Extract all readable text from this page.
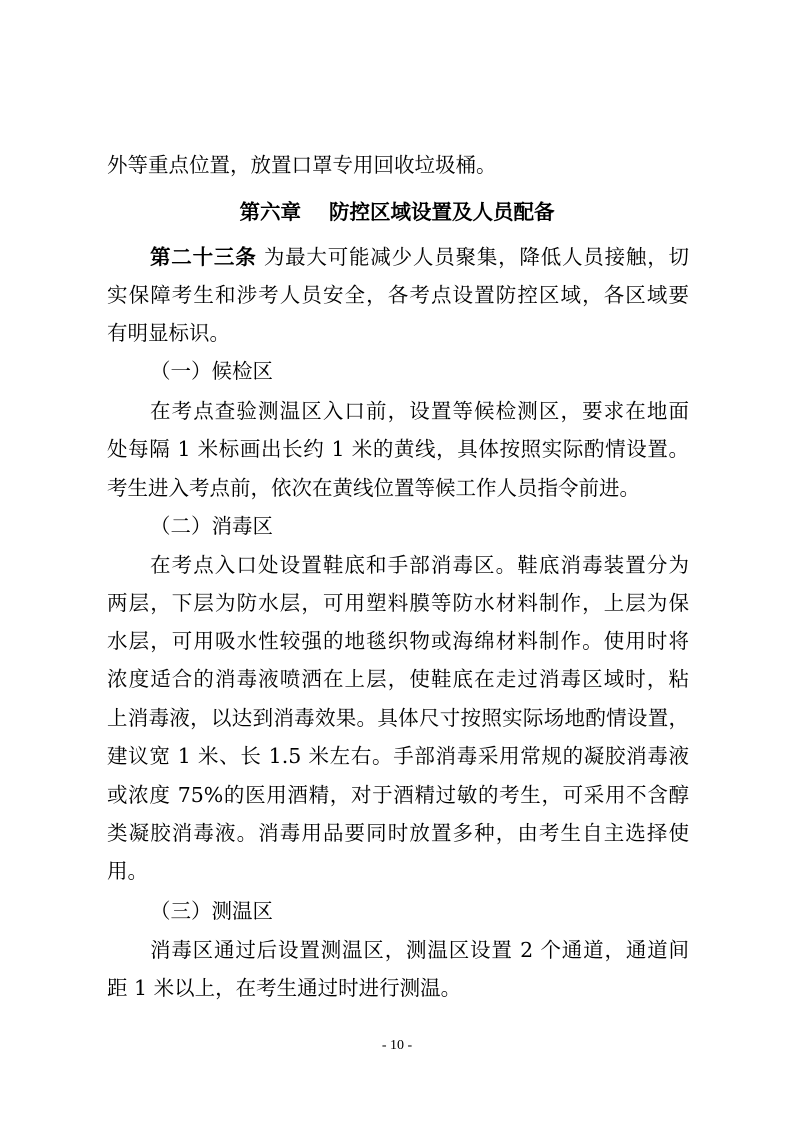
外等重点位置，放置口罩专用回收垃圾桶。
第六章 防控区域设置及人员配备
第二十三条 为最大可能减少人员聚集，降低人员接触，切
实保障考生和涉考人员安全，各考点设置防控区域，各区域要
有明显标识。
（一）候检区
在考点查验测温区入口前，设置等候检测区，要求在地面
处每隔 1 米标画出长约 1 米的黄线，具体按照实际酌情设置。
考生进入考点前，依次在黄线位置等候工作人员指令前进。
（二）消毒区
在考点入口处设置鞋底和手部消毒区。鞋底消毒装置分为
两层，下层为防水层，可用塑料膜等防水材料制作，上层为保
水层，可用吸水性较强的地毯织物或海绵材料制作。使用时将
浓度适合的消毒液喷洒在上层，使鞋底在走过消毒区域时，粘
上消毒液，以达到消毒效果。具体尺寸按照实际场地酌情设置，
建议宽 1 米、长 1.5 米左右。手部消毒采用常规的凝胶消毒液
或浓度 75%的医用酒精，对于酒精过敏的考生，可采用不含醇
类凝胶消毒液。消毒用品要同时放置多种，由考生自主选择使
用。
（三）测温区
消毒区通过后设置测温区，测温区设置 2 个通道，通道间
距 1 米以上，在考生通过时进行测温。
- 10 -
